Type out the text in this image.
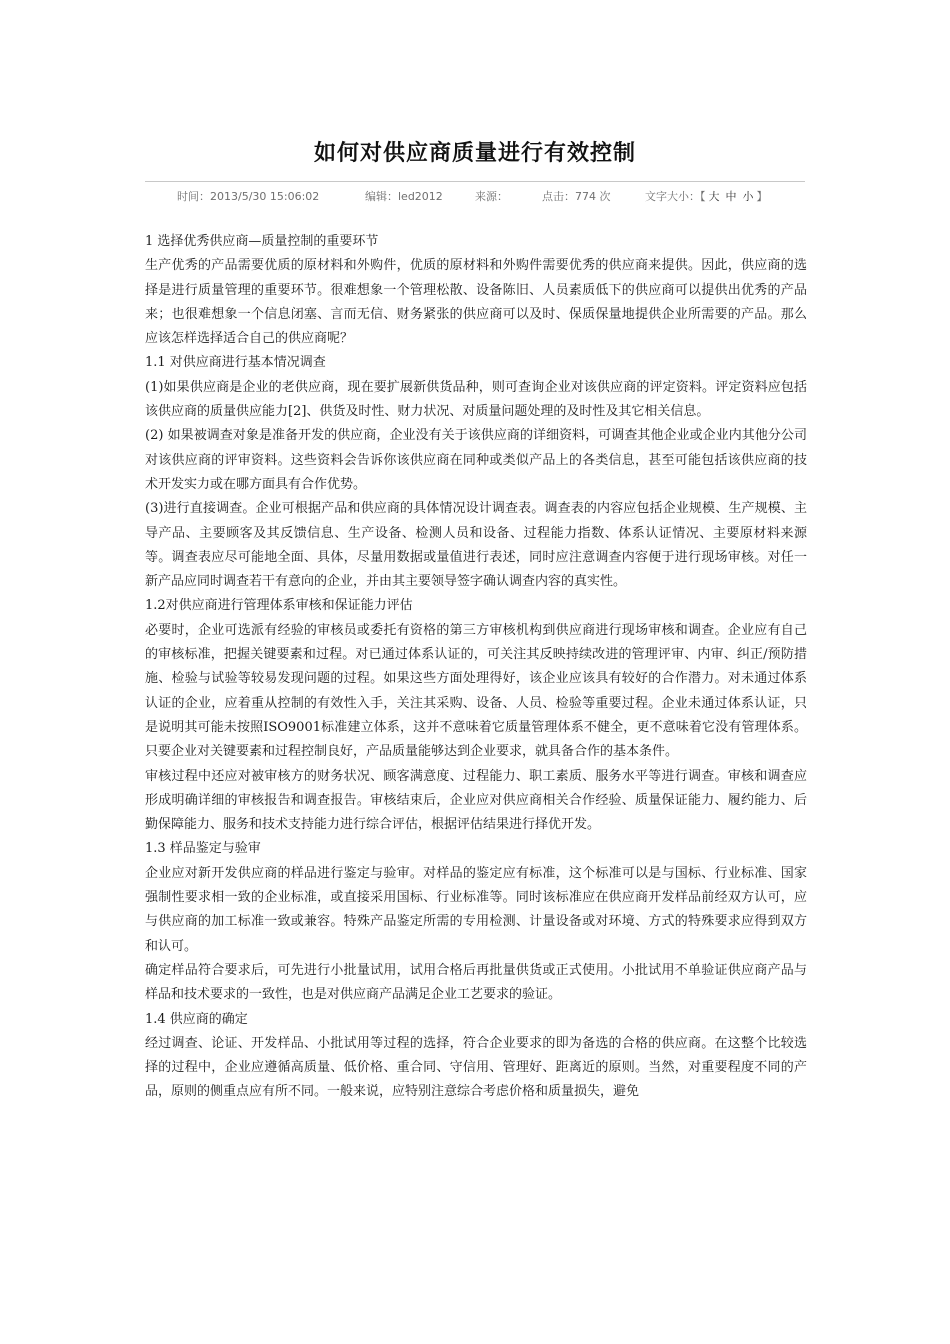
如何对供应商质量进行有效控制
时间：2013/5/30 15:06:02	编辑：led2012	来源：	点击：774 次	文字大小：【 大 中 小 】

1 选择优秀供应商—质量控制的重要环节

生产优秀的产品需要优质的原材料和外购件，优质的原材料和外购件需要优秀的供应商来提供。因此，供应商的选择是进行质量管理的重要环节。很难想象一个管理松散、设备陈旧、人员素质低下的供应商可以提供出优秀的产品来；也很难想象一个信息闭塞、言而无信、财务紧张的供应商可以及时、保质保量地提供企业所需要的产品。那么应该怎样选择适合自己的供应商呢？

1.1 对供应商进行基本情况调查

(1)如果供应商是企业的老供应商，现在要扩展新供货品种，则可查询企业对该供应商的评定资料。评定资料应包括该供应商的质量供应能力[2]、供货及时性、财力状况、对质量问题处理的及时性及其它相关信息。

(2) 如果被调查对象是准备开发的供应商，企业没有关于该供应商的详细资料，可调查其他企业或企业内其他分公司对该供应商的评审资料。这些资料会告诉你该供应商在同种或类似产品上的各类信息，甚至可能包括该供应商的技术开发实力或在哪方面具有合作优势。

(3)进行直接调查。企业可根据产品和供应商的具体情况设计调查表。调查表的内容应包括企业规模、生产规模、主导产品、主要顾客及其反馈信息、生产设备、检测人员和设备、过程能力指数、体系认证情况、主要原材料来源等。调查表应尽可能地全面、具体，尽量用数据或量值进行表述，同时应注意调查内容便于进行现场审核。对任一新产品应同时调查若干有意向的企业，并由其主要领导签字确认调查内容的真实性。

1.2对供应商进行管理体系审核和保证能力评估

必要时，企业可选派有经验的审核员或委托有资格的第三方审核机构到供应商进行现场审核和调查。企业应有自己的审核标准，把握关键要素和过程。对已通过体系认证的，可关注其反映持续改进的管理评审、内审、纠正/预防措施、检验与试验等较易发现问题的过程。如果这些方面处理得好，该企业应该具有较好的合作潜力。对未通过体系认证的企业，应着重从控制的有效性入手，关注其采购、设备、人员、检验等重要过程。企业未通过体系认证，只是说明其可能未按照ISO9001标准建立体系，这并不意味着它质量管理体系不健全，更不意味着它没有管理体系。只要企业对关键要素和过程控制良好，产品质量能够达到企业要求，就具备合作的基本条件。

审核过程中还应对被审核方的财务状况、顾客满意度、过程能力、职工素质、服务水平等进行调查。审核和调查应形成明确详细的审核报告和调查报告。审核结束后，企业应对供应商相关合作经验、质量保证能力、履约能力、后勤保障能力、服务和技术支持能力进行综合评估，根据评估结果进行择优开发。

1.3 样品鉴定与验审

企业应对新开发供应商的样品进行鉴定与验审。对样品的鉴定应有标准，这个标准可以是与国标、行业标准、国家强制性要求相一致的企业标准，或直接采用国标、行业标准等。同时该标准应在供应商开发样品前经双方认可，应与供应商的加工标准一致或兼容。特殊产品鉴定所需的专用检测、计量设备或对环境、方式的特殊要求应得到双方和认可。

确定样品符合要求后，可先进行小批量试用，试用合格后再批量供货或正式使用。小批试用不单验证供应商产品与样品和技术要求的一致性，也是对供应商产品满足企业工艺要求的验证。

1.4 供应商的确定

经过调查、论证、开发样品、小批试用等过程的选择，符合企业要求的即为备选的合格的供应商。在这整个比较选择的过程中，企业应遵循高质量、低价格、重合同、守信用、管理好、距离近的原则。当然，对重要程度不同的产品，原则的侧重点应有所不同。一般来说，应特别注意综合考虑价格和质量损失，避免
